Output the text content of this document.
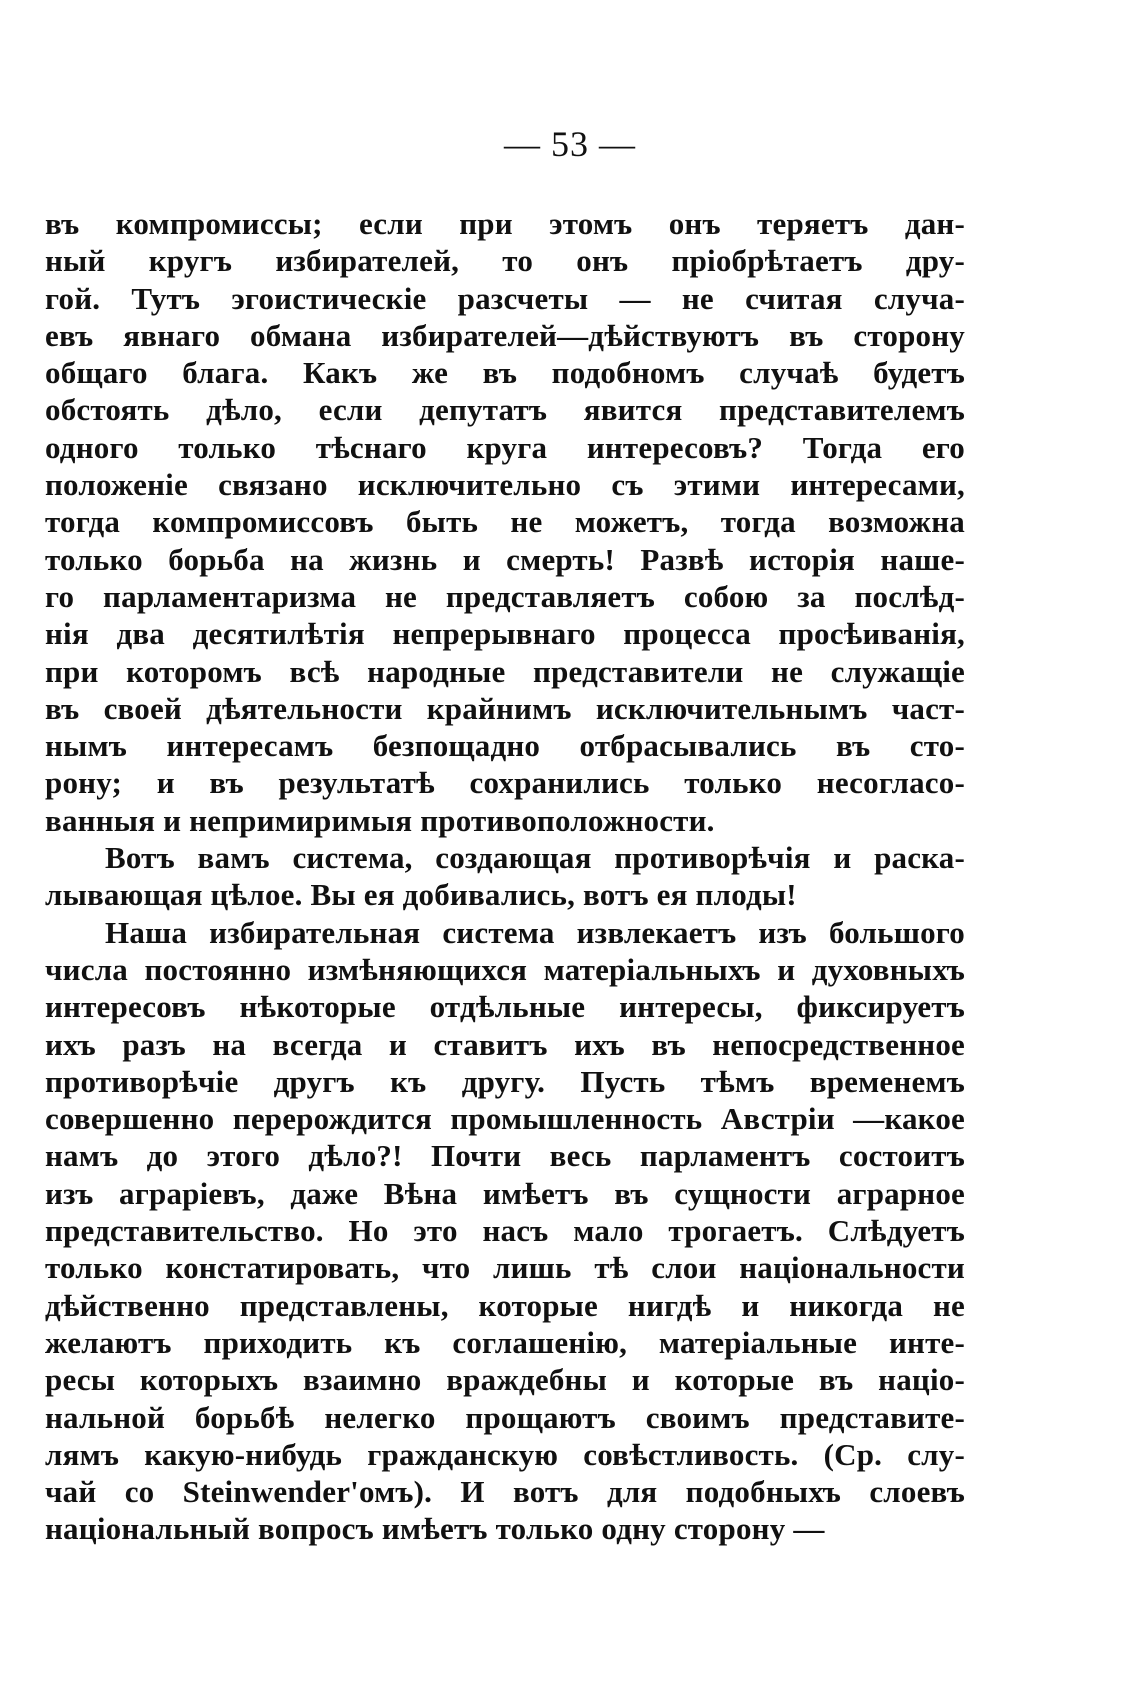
— 53 —
въ компромиссы; если при этомъ онъ теряетъ дан-
ный кругъ избирателей, то онъ пріобрѣтаетъ дру-
гой. Тутъ эгоистическіе разсчеты — не считая случа-
евъ явнаго обмана избирателей—дѣйствуютъ въ сторону
общаго блага. Какъ же въ подобномъ случаѣ будетъ
обстоять дѣло, если депутатъ явится представителемъ
одного только тѣснаго круга интересовъ? Тогда его
положеніе связано исключительно съ этими интересами,
тогда компромиссовъ быть не можетъ, тогда возможна
только борьба на жизнь и смерть! Развѣ исторія наше-
го парламентаризма не представляетъ собою за послѣд-
нія два десятилѣтія непрерывнаго процесса просѣиванія,
при которомъ всѣ народные представители не служащіе
въ своей дѣятельности крайнимъ исключительнымъ част-
нымъ интересамъ безпощадно отбрасывались въ сто-
рону; и въ результатѣ сохранились только несогласо-
ванныя и непримиримыя противоположности.
Вотъ вамъ система, создающая противорѣчія и раска-
лывающая цѣлое. Вы ея добивались, вотъ ея плоды!
Наша избирательная система извлекаетъ изъ большого
числа постоянно измѣняющихся матеріальныхъ и духовныхъ
интересовъ нѣкоторые отдѣльные интересы, фиксируетъ
ихъ разъ на всегда и ставитъ ихъ въ непосредственное
противорѣчіе другъ къ другу. Пусть тѣмъ временемъ
совершенно перерождится промышленность Австріи —какое
намъ до этого дѣло?! Почти весь парламентъ состоитъ
изъ аграріевъ, даже Вѣна имѣетъ въ сущности аграрное
представительство. Но это насъ мало трогаетъ. Слѣдуетъ
только констатировать, что лишь тѣ слои національности
дѣйственно представлены, которые нигдѣ и никогда не
желаютъ приходить къ соглашенію, матеріальные инте-
ресы которыхъ взаимно враждебны и которые въ націо-
нальной борьбѣ нелегко прощаютъ своимъ представите-
лямъ какую-нибудь гражданскую совѣстливость. (Ср. слу-
чай со Steinwender'омъ). И вотъ для подобныхъ слоевъ
національный вопросъ имѣетъ только одну сторону —
